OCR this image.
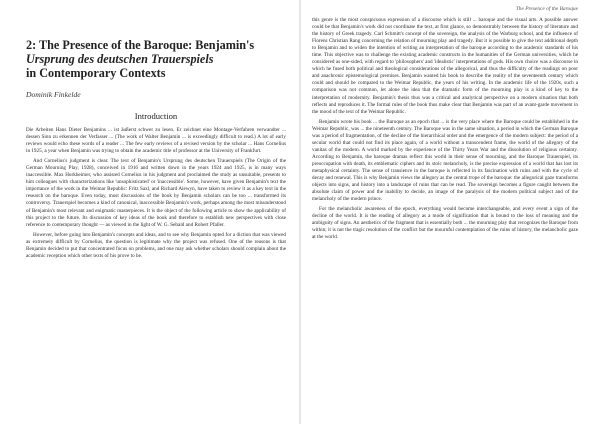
2: The Presence of the Baroque: Benjamin's
Ursprung des deutschen Trauerspiels
in Contemporary Contexts
Dominik Finkelde
Introduction

Die Arbeiten Hans Dieter Benjamins ... ist äußerst schwer zu lesen. Er zeichnet eine Montage-Verfahren verwandter ... dessen Sinn zu erkennen der Verfasser ... (The work of Walter Benjamin ... is exceedingly difficult to read.) A lot of early reviews would echo these words of a reader ... The few early reviews of a revised version by the scholar ... Hans Cornelius in 1925, a year when Benjamin was trying to obtain the academic title of professor at the University of Frankfurt.

And Cornelius's judgment is clear. The text of Benjamin's Ursprung des deutschen Trauerspiels (The Origin of the German Mourning Play, 1928), conceived in 1916 and written down in the years 1924 and 1925, is in many ways inaccessible. Max Horkheimer, who assisted Cornelius in his judgment and proclaimed the study as unsuitable, presents to him colleagues with characterizations like 'unsophisticated' or 'inaccessible'. Some, however, have given Benjamin's text the importance of the work in the Weimar Republic: Fritz Saxl, and Richard Alewyn, have taken to review it as a key text in the research on the baroque. Even today, most discussions of the book by Benjamin scholars can be too ... transformed its controversy. Trauerspiel becomes a kind of canonical, inaccessible Benjamin's work, perhaps among the most misunderstood of Benjamin's most relevant and enigmatic masterpieces. It is the object of the following article to show the applicability of this project to the future. Its discussion of key ideas of the book and therefore to establish new perspectives with close reference to contemporary thought — as viewed in the light of W. G. Sebald and Robert Pfaller.

However, before going into Benjamin's concepts and ideas, and to see why Benjamin opted for a diction that was viewed as extremely difficult by Cornelius, the question is legitimate why the project was refused. One of the reasons is that Benjamin decided to put that concentrated focus on problems, and one may ask whether scholars should complain about the academic reception which other texts of his prove to be.

The Presence of the Baroque

this genre is the most conspicuous expression of a discourse which is still ... baroque and the visual arts. A possible answer could be that Benjamin's work did not coordinate the text, at first glance, so demonstrably between the history of literature and the history of Greek tragedy. Carl Schmitt's concept of the sovereign, the analysis of the Warburg school, and the influence of Florens Christian Rang concerning the relation of mourning play and tragedy. But it is possible to give the text additional depth to Benjamin and to widen the intention of writing an interpretation of the baroque according to the academic standards of his time. This objective was to challenge the existing academic constructs in the humanities of the German universities, which he considered as one-sided, with regard to 'philosophers' and 'idealistic' interpretations of gods. His own choice was a discourse in which he fused both political and theological considerations of the allegorical, and thus the difficulty of the readings on poor and anachronic epistemological premises. Benjamin wanted his book to describe the reality of the seventeenth century which could and should be compared to the Weimar Republic, the years of his writing. In the academic life of the 1920s, such a comparison was not common, let alone the idea that the dramatic form of the mourning play is a kind of key to the interpretation of modernity. Benjamin's thesis thus was a critical and analytical perspective on a modern situation that both reflects and reproduces it. The formal rules of the book thus make clear that Benjamin was part of an avant-garde movement in the mood of the text of the Weimar Republic.

Benjamin wrote his book ... the Baroque as an epoch that ... is the very place where the Baroque could be established in the Weimar Republic, was ... the nineteenth century. The Baroque was in the same situation, a period in which the German Baroque was a period of fragmentation, of the decline of the hierarchical order and the emergence of the modern subject: the period of a secular world that could not find its place again, of a world without a transcendent frame, the world of the allegory of the vanitas of the modern. A world marked by the experience of the Thirty Years War and the dissolution of religious certainty. According to Benjamin, the baroque dramas reflect this world in their sense of mourning, and the Baroque Trauerspiel, its preoccupation with death, its emblematic ciphers and its stoic melancholy, is the precise expression of a world that has lost its metaphysical certainty. The sense of transience in the baroque is reflected in its fascination with ruins and with the cycle of decay and renewal. This is why Benjamin views the allegory as the central trope of the baroque: the allegorical gaze transforms objects into signs, and history into a landscape of ruins that can be read. The sovereign becomes a figure caught between the absolute claim of power and the inability to decide, an image of the paralysis of the modern political subject and of the melancholy of the modern prince.

For the melancholic awareness of the epoch, everything would become interchangeable, and every event a sign of the decline of the world. It is the reading of allegory as a mode of signification that is bound to the loss of meaning and the ambiguity of signs. An aesthetics of the fragment that is essentially both ... the mourning play that recognizes the Baroque from within; it is not the tragic resolution of the conflict but the mournful contemplation of the ruins of history, the melancholic gaze at the world.
